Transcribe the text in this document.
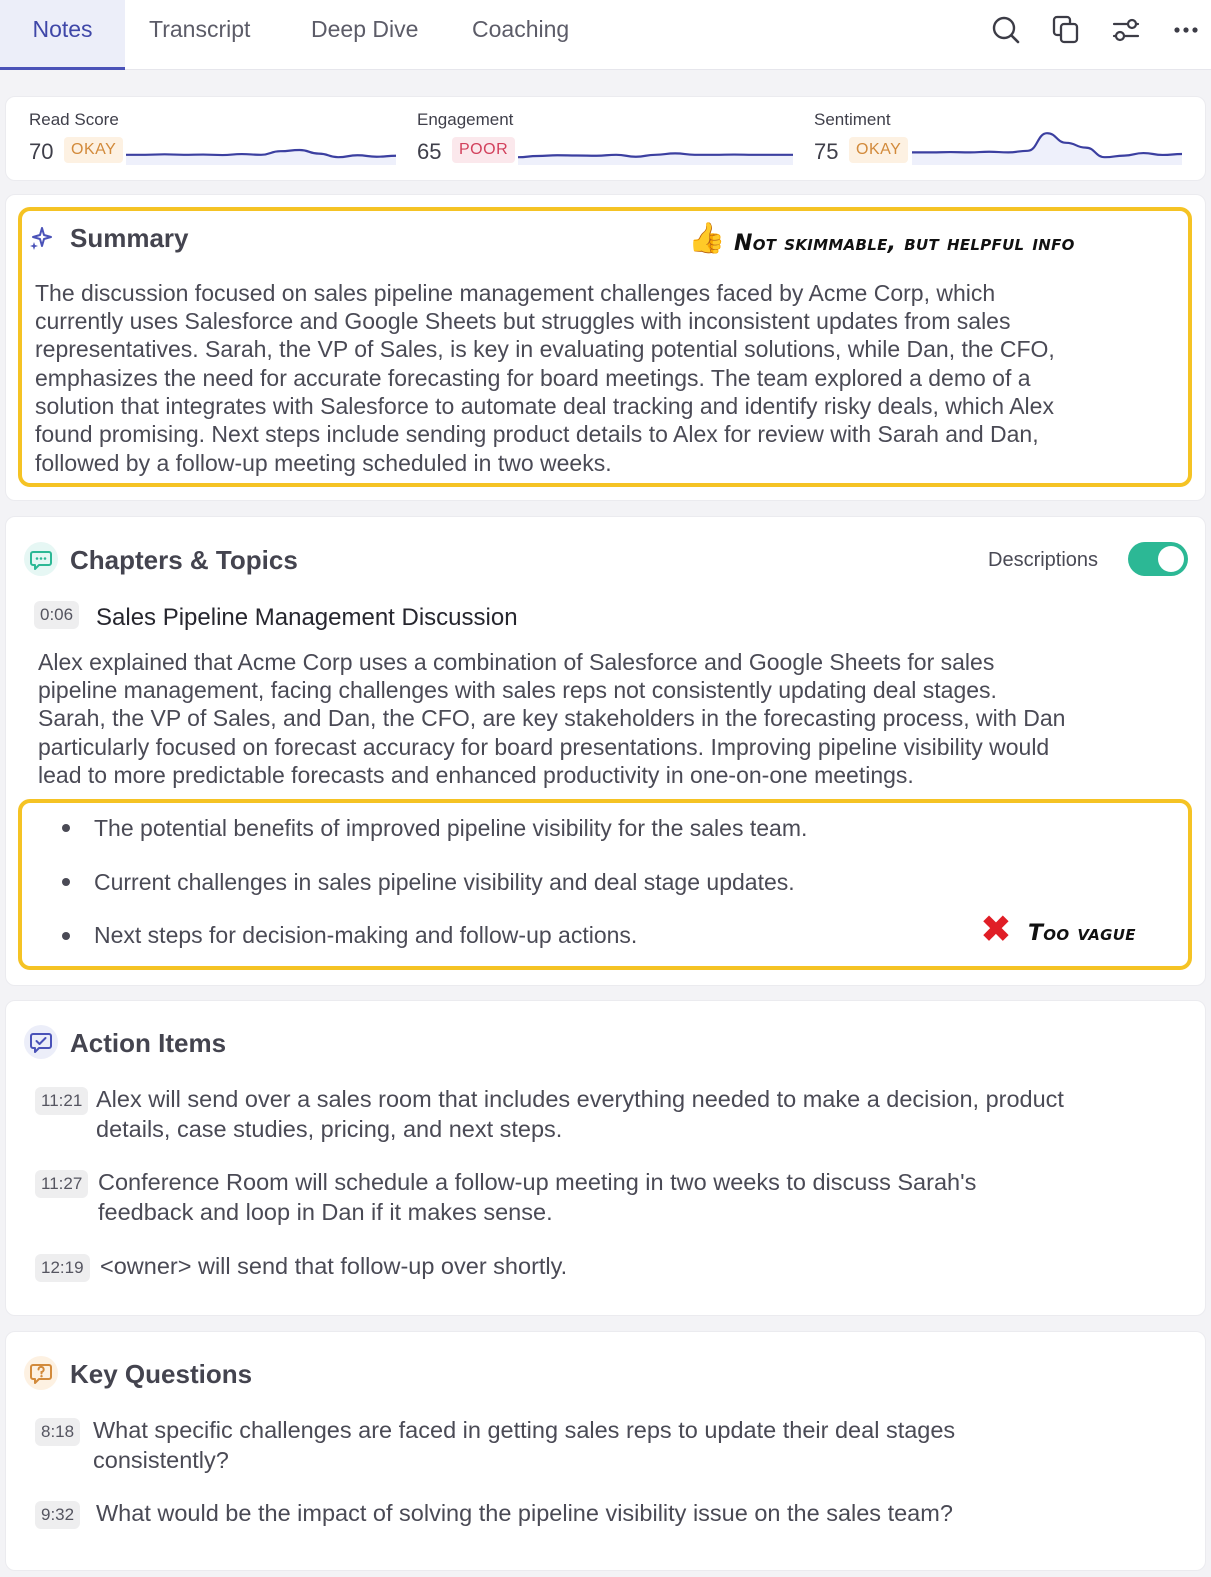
Notes	Transcript	Deep Dive Coaching
Read Score
70	OKAY
Engagement
65	POOR
Sentiment
75	OKAY
Summary	👍 Not skimmable, but helpful info
The discussion focused on sales pipeline management challenges faced by Acme Corp, which
currently uses Salesforce and Google Sheets but struggles with inconsistent updates from sales
representatives. Sarah, the VP of Sales, is key in evaluating potential solutions, while Dan, the CFO,
emphasizes the need for accurate forecasting for board meetings. The team explored a demo of a
solution that integrates with Salesforce to automate deal tracking and identify risky deals, which Alex
found promising. Next steps include sending product details to Alex for review with Sarah and Dan,
followed by a follow-up meeting scheduled in two weeks.
Chapters & Topics	Descriptions
0:06 Sales Pipeline Management Discussion
Alex explained that Acme Corp uses a combination of Salesforce and Google Sheets for sales
pipeline management, facing challenges with sales reps not consistently updating deal stages.
Sarah, the VP of Sales, and Dan, the CFO, are key stakeholders in the forecasting process, with Dan
particularly focused on forecast accuracy for board presentations. Improving pipeline visibility would
lead to more predictable forecasts and enhanced productivity in one-on-one meetings.
The potential benefits of improved pipeline visibility for the sales team.
Current challenges in sales pipeline visibility and deal stage updates.
Next steps for decision-making and follow-up actions.	✖ Too vague
Action Items
11:21 Alex will send over a sales room that includes everything needed to make a decision, product
details, case studies, pricing, and next steps.
11:27 Conference Room will schedule a follow-up meeting in two weeks to discuss Sarah's
feedback and loop in Dan if it makes sense.
12:19 <owner> will send that follow-up over shortly.
Key Questions
8:18 What specific challenges are faced in getting sales reps to update their deal stages
consistently?
9:32 What would be the impact of solving the pipeline visibility issue on the sales team?
